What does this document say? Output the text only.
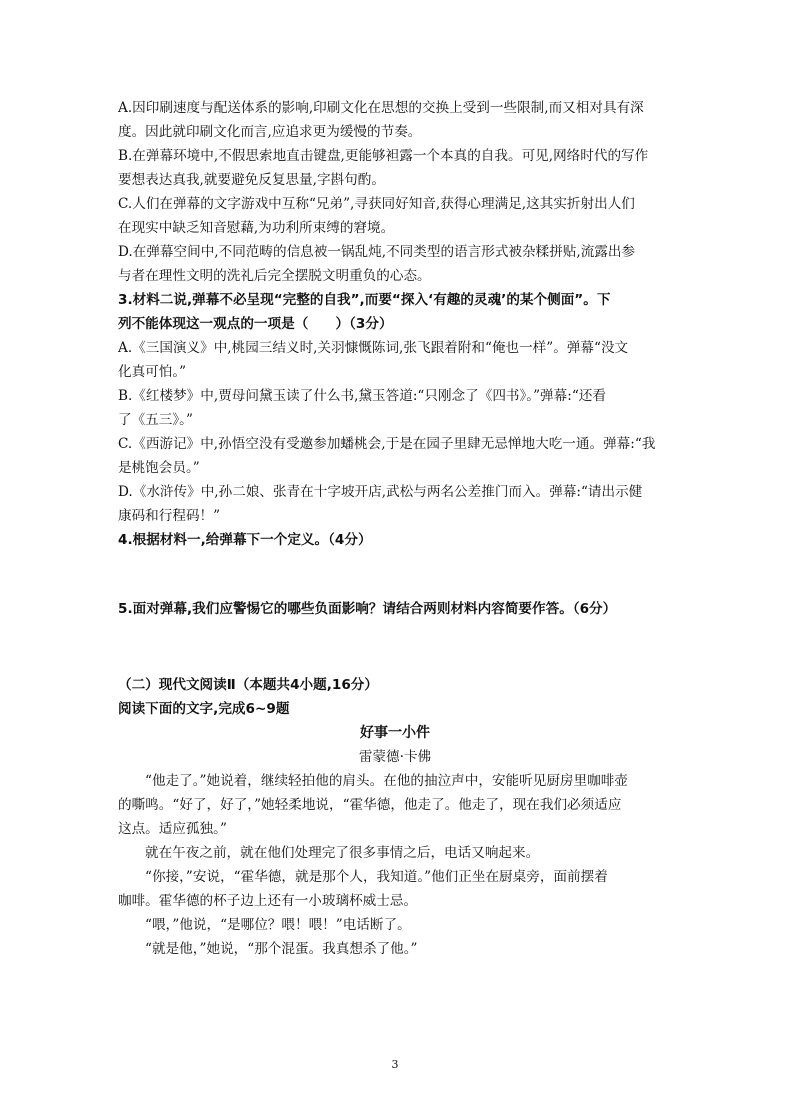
A.因印刷速度与配送体系的影响,印刷文化在思想的交换上受到一些限制,而又相对具有深
度。因此就印刷文化而言,应追求更为缓慢的节奏。
B.在弹幕环境中,不假思索地直击键盘,更能够袒露一个本真的自我。可见,网络时代的写作
要想表达真我,就要避免反复思量,字斟句酌。
C.人们在弹幕的文字游戏中互称“兄弟”,寻获同好知音,获得心理满足,这其实折射出人们
在现实中缺乏知音慰藉,为功利所束缚的窘境。
D.在弹幕空间中,不同范畴的信息被一锅乱炖,不同类型的语言形式被杂糅拼贴,流露出参
与者在理性文明的洗礼后完全摆脱文明重负的心态。
3.材料二说,弹幕不必呈现“完整的自我”,而要“探入‘有趣的灵魂’的某个侧面”。下
列不能体现这一观点的一项是（　　）（3分）
A.《三国演义》中,桃园三结义时,关羽慷慨陈词,张飞跟着附和“俺也一样”。弹幕“没文
化真可怕。”
B.《红楼梦》中,贾母问黛玉读了什么书,黛玉答道:“只刚念了《四书》。”弹幕:“还看
了《五三》。”
C.《西游记》中,孙悟空没有受邀参加蟠桃会,于是在园子里肆无忌惮地大吃一通。弹幕:“我
是桃饱会员。”
D.《水浒传》中,孙二娘、张青在十字坡开店,武松与两名公差推门而入。弹幕:“请出示健
康码和行程码！”
4.根据材料一,给弹幕下一个定义。（4分）
5.面对弹幕,我们应警惕它的哪些负面影响？请结合两则材料内容简要作答。（6分）
（二）现代文阅读Ⅱ（本题共4小题,16分）
阅读下面的文字,完成6~9题
好事一小件
雷蒙德·卡佛
“他走了。”她说着，继续轻拍他的肩头。在他的抽泣声中，安能听见厨房里咖啡壶
的嘶鸣。“好了，好了，”她轻柔地说，“霍华德，他走了。他走了，现在我们必须适应
这点。适应孤独。”
就在午夜之前，就在他们处理完了很多事情之后，电话又响起来。
“你接，”安说，“霍华德，就是那个人，我知道。”他们正坐在厨桌旁，面前摆着
咖啡。霍华德的杯子边上还有一小玻璃杯威士忌。
“喂，”他说，“是哪位？喂！喂！”电话断了。
“就是他，”她说，“那个混蛋。我真想杀了他。”
3
